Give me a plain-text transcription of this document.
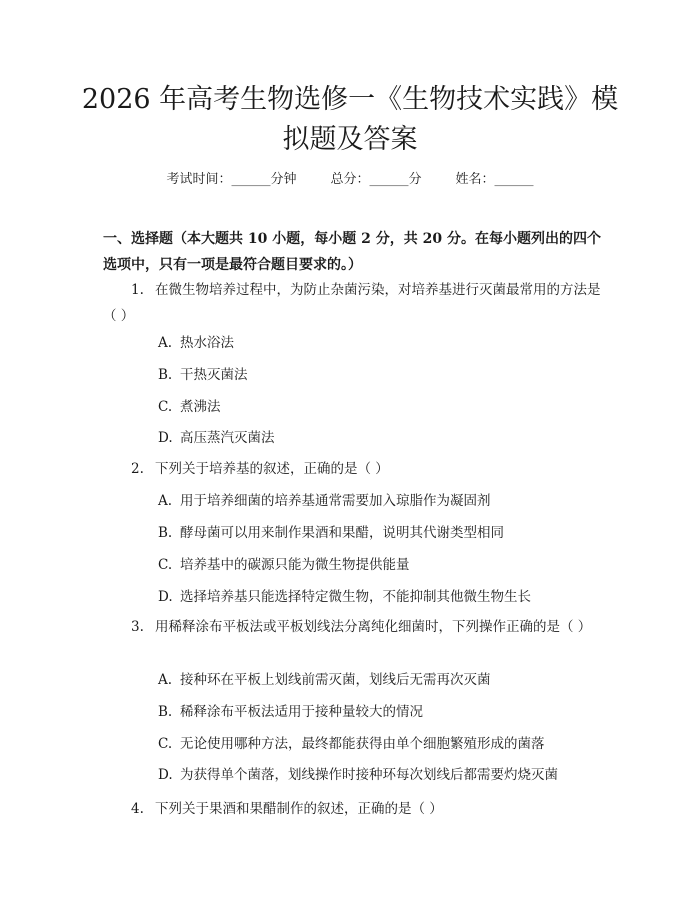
2026 年高考生物选修一《生物技术实践》模拟题及答案
考试时间：______分钟	总分：______分	姓名：______

一、选择题（本大题共 10 小题，每小题 2 分，共 20 分。在每小题列出的四个选项中，只有一项是最符合题目要求的。）

1. 在微生物培养过程中，为防止杂菌污染，对培养基进行灭菌最常用的方法是（ ）

A. 热水浴法
B. 干热灭菌法
C. 煮沸法
D. 高压蒸汽灭菌法

2. 下列关于培养基的叙述，正确的是（ ）

A. 用于培养细菌的培养基通常需要加入琼脂作为凝固剂
B. 酵母菌可以用来制作果酒和果醋，说明其代谢类型相同
C. 培养基中的碳源只能为微生物提供能量
D. 选择培养基只能选择特定微生物，不能抑制其他微生物生长

3. 用稀释涂布平板法或平板划线法分离纯化细菌时，下列操作正确的是（ ）

A. 接种环在平板上划线前需灭菌，划线后无需再次灭菌
B. 稀释涂布平板法适用于接种量较大的情况
C. 无论使用哪种方法，最终都能获得由单个细胞繁殖形成的菌落
D. 为获得单个菌落，划线操作时接种环每次划线后都需要灼烧灭菌

4. 下列关于果酒和果醋制作的叙述，正确的是（ ）
